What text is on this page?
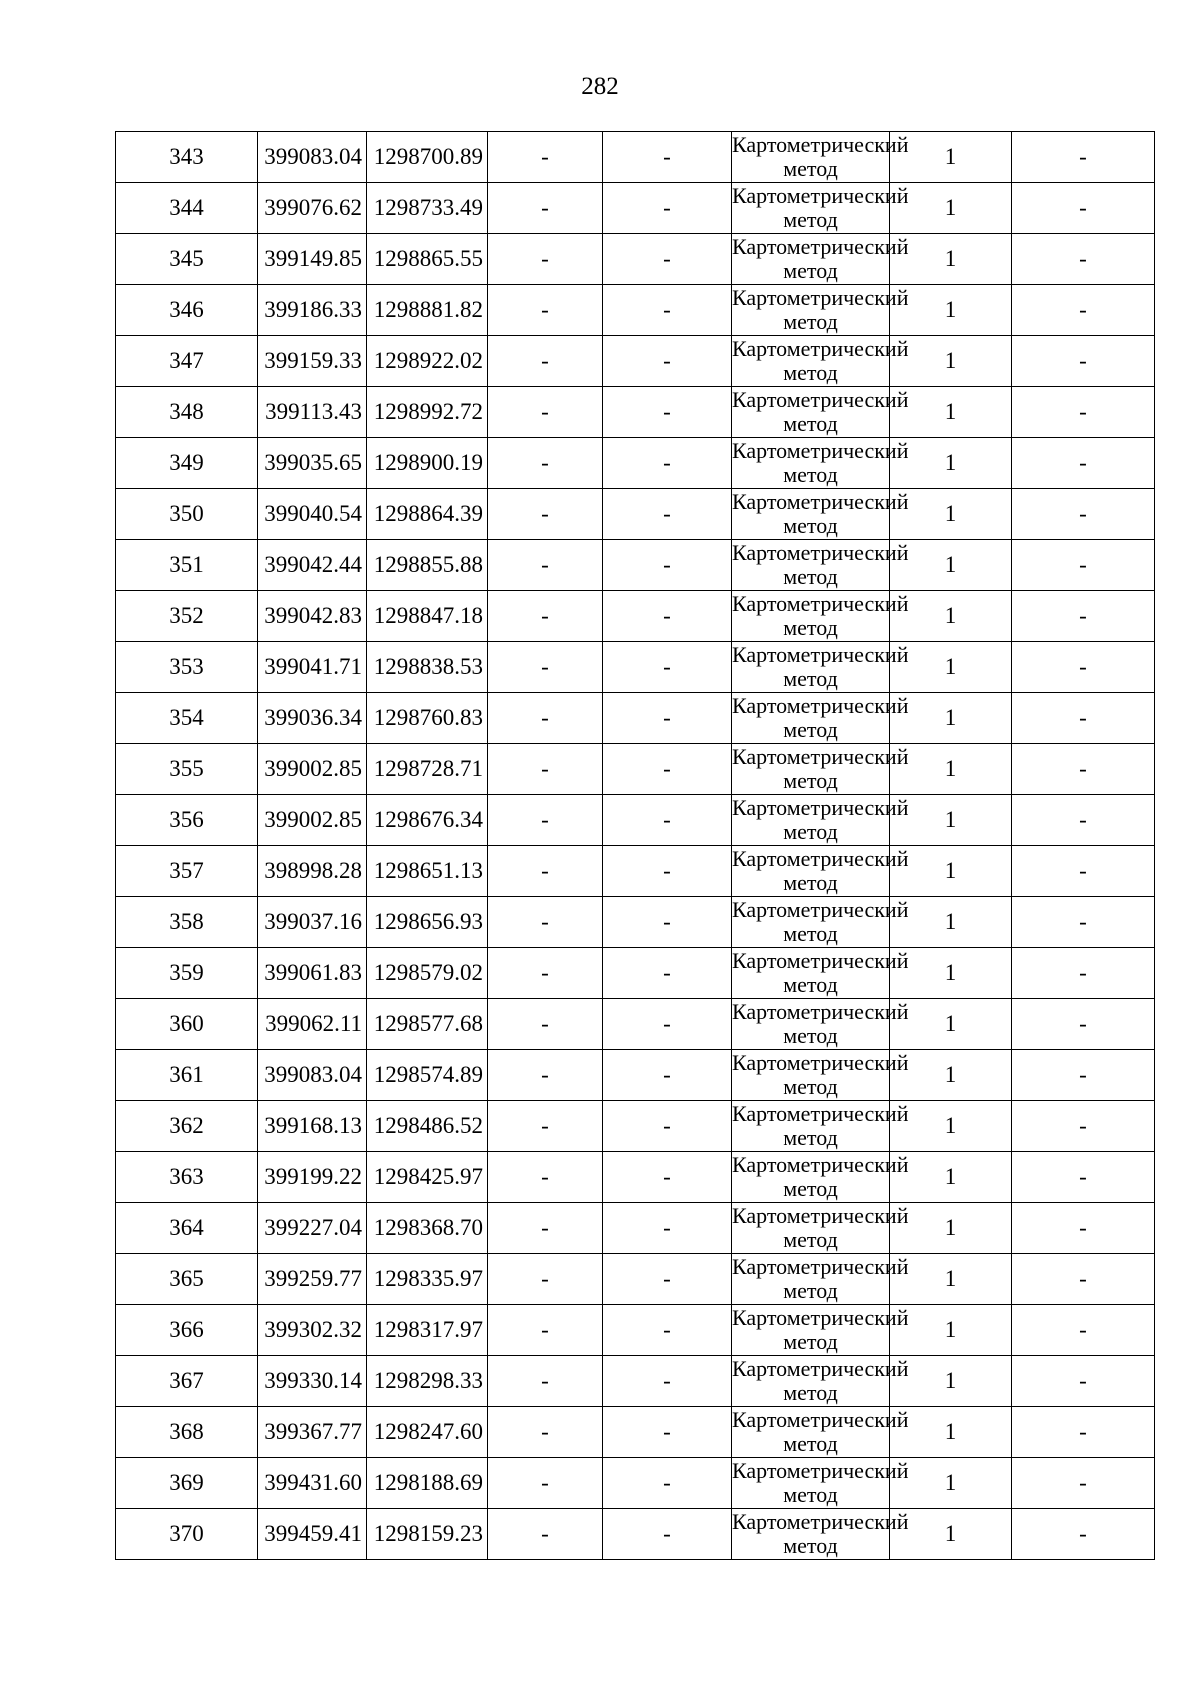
282
343	399083.04	1298700.89	-	-	Картометрический метод	1	-
344	399076.62	1298733.49	-	-	Картометрический метод	1	-
345	399149.85	1298865.55	-	-	Картометрический метод	1	-
346	399186.33	1298881.82	-	-	Картометрический метод	1	-
347	399159.33	1298922.02	-	-	Картометрический метод	1	-
348	399113.43	1298992.72	-	-	Картометрический метод	1	-
349	399035.65	1298900.19	-	-	Картометрический метод	1	-
350	399040.54	1298864.39	-	-	Картометрический метод	1	-
351	399042.44	1298855.88	-	-	Картометрический метод	1	-
352	399042.83	1298847.18	-	-	Картометрический метод	1	-
353	399041.71	1298838.53	-	-	Картометрический метод	1	-
354	399036.34	1298760.83	-	-	Картометрический метод	1	-
355	399002.85	1298728.71	-	-	Картометрический метод	1	-
356	399002.85	1298676.34	-	-	Картометрический метод	1	-
357	398998.28	1298651.13	-	-	Картометрический метод	1	-
358	399037.16	1298656.93	-	-	Картометрический метод	1	-
359	399061.83	1298579.02	-	-	Картометрический метод	1	-
360	399062.11	1298577.68	-	-	Картометрический метод	1	-
361	399083.04	1298574.89	-	-	Картометрический метод	1	-
362	399168.13	1298486.52	-	-	Картометрический метод	1	-
363	399199.22	1298425.97	-	-	Картометрический метод	1	-
364	399227.04	1298368.70	-	-	Картометрический метод	1	-
365	399259.77	1298335.97	-	-	Картометрический метод	1	-
366	399302.32	1298317.97	-	-	Картометрический метод	1	-
367	399330.14	1298298.33	-	-	Картометрический метод	1	-
368	399367.77	1298247.60	-	-	Картометрический метод	1	-
369	399431.60	1298188.69	-	-	Картометрический метод	1	-
370	399459.41	1298159.23	-	-	Картометрический метод	1	-
